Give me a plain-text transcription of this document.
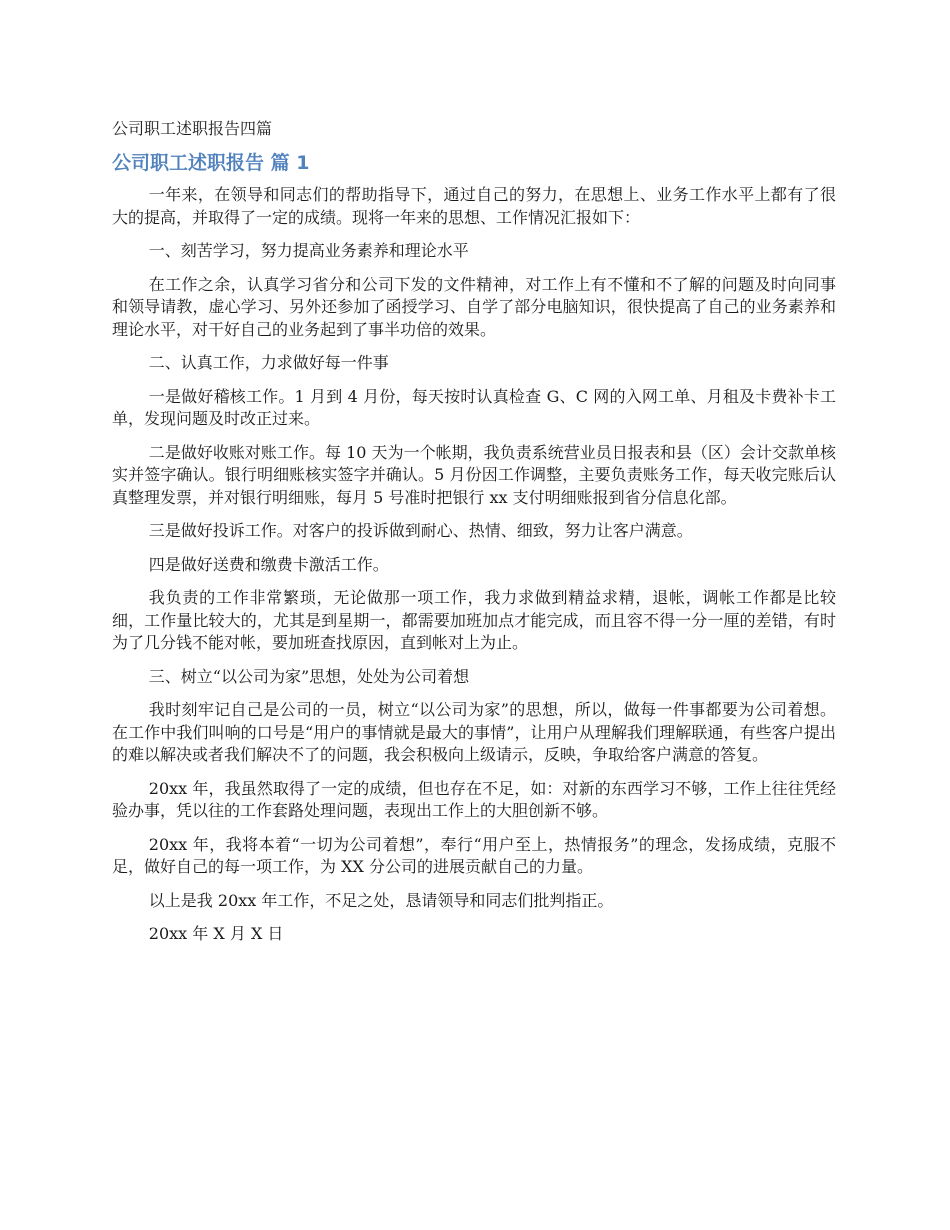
公司职工述职报告四篇
公司职工述职报告 篇 1

一年来，在领导和同志们的帮助指导下，通过自己的努力，在思想上、业务工作水平上都有了很大的提高，并取得了一定的成绩。现将一年来的思想、工作情况汇报如下：

一、刻苦学习，努力提高业务素养和理论水平

在工作之余，认真学习省分和公司下发的文件精神，对工作上有不懂和不了解的问题及时向同事和领导请教，虚心学习、另外还参加了函授学习、自学了部分电脑知识，很快提高了自己的业务素养和理论水平，对干好自己的业务起到了事半功倍的效果。

二、认真工作，力求做好每一件事

一是做好稽核工作。1 月到 4 月份，每天按时认真检查 G、C 网的入网工单、月租及卡费补卡工单，发现问题及时改正过来。

二是做好收账对账工作。每 10 天为一个帐期，我负责系统营业员日报表和县（区）会计交款单核实并签字确认。银行明细账核实签字并确认。5 月份因工作调整，主要负责账务工作，每天收完账后认真整理发票，并对银行明细账，每月 5 号准时把银行 xx 支付明细账报到省分信息化部。

三是做好投诉工作。对客户的投诉做到耐心、热情、细致，努力让客户满意。

四是做好送费和缴费卡激活工作。

我负责的工作非常繁琐，无论做那一项工作，我力求做到精益求精，退帐，调帐工作都是比较细，工作量比较大的，尤其是到星期一，都需要加班加点才能完成，而且容不得一分一厘的差错，有时为了几分钱不能对帐，要加班查找原因，直到帐对上为止。

三、树立“以公司为家”思想，处处为公司着想

我时刻牢记自己是公司的一员，树立“以公司为家”的思想，所以，做每一件事都要为公司着想。在工作中我们叫响的口号是“用户的事情就是最大的事情”，让用户从理解我们理解联通，有些客户提出的难以解决或者我们解决不了的问题，我会积极向上级请示，反映，争取给客户满意的答复。

20xx 年，我虽然取得了一定的成绩，但也存在不足，如：对新的东西学习不够，工作上往往凭经验办事，凭以往的工作套路处理问题，表现出工作上的大胆创新不够。

20xx 年，我将本着“一切为公司着想”，奉行“用户至上，热情报务”的理念，发扬成绩，克服不足，做好自己的每一项工作，为 XX 分公司的进展贡献自己的力量。

以上是我 20xx 年工作，不足之处，恳请领导和同志们批判指正。

20xx 年 X 月 X 日
